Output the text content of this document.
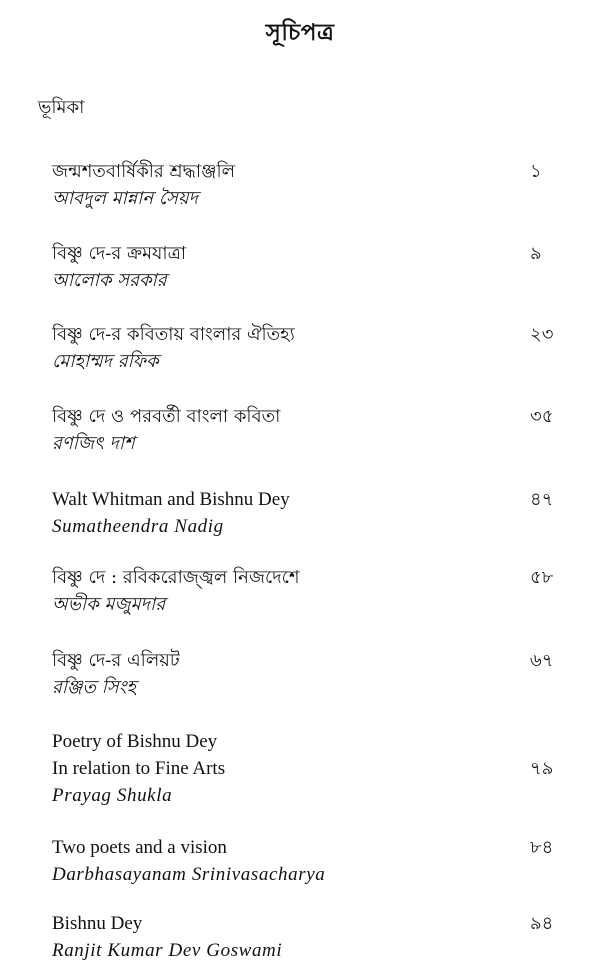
সূচিপত্র
ভূমিকা
জন্মশতবার্ষিকীর শ্রদ্ধাঞ্জলি	১
আবদুল মান্নান সৈয়দ
বিষ্ণু দে-র ক্রমযাত্রা	৯
আলোক সরকার
বিষ্ণু দে-র কবিতায় বাংলার ঐতিহ্য	২৩
মোহাম্মদ রফিক
বিষ্ণু দে ও পরবর্তী বাংলা কবিতা	৩৫
রণজিৎ দাশ
Walt Whitman and Bishnu Dey	৪৭
Sumatheendra Nadig
বিষ্ণু দে : রবিকরোজ্জ্বল নিজদেশে	৫৮
অভীক মজুমদার
বিষ্ণু দে-র এলিয়ট	৬৭
রঞ্জিত সিংহ
Poetry of Bishnu Dey
In relation to Fine Arts	৭৯
Prayag Shukla
Two poets and a vision	৮৪
Darbhasayanam Srinivasacharya
Bishnu Dey	৯৪
Ranjit Kumar Dev Goswami
